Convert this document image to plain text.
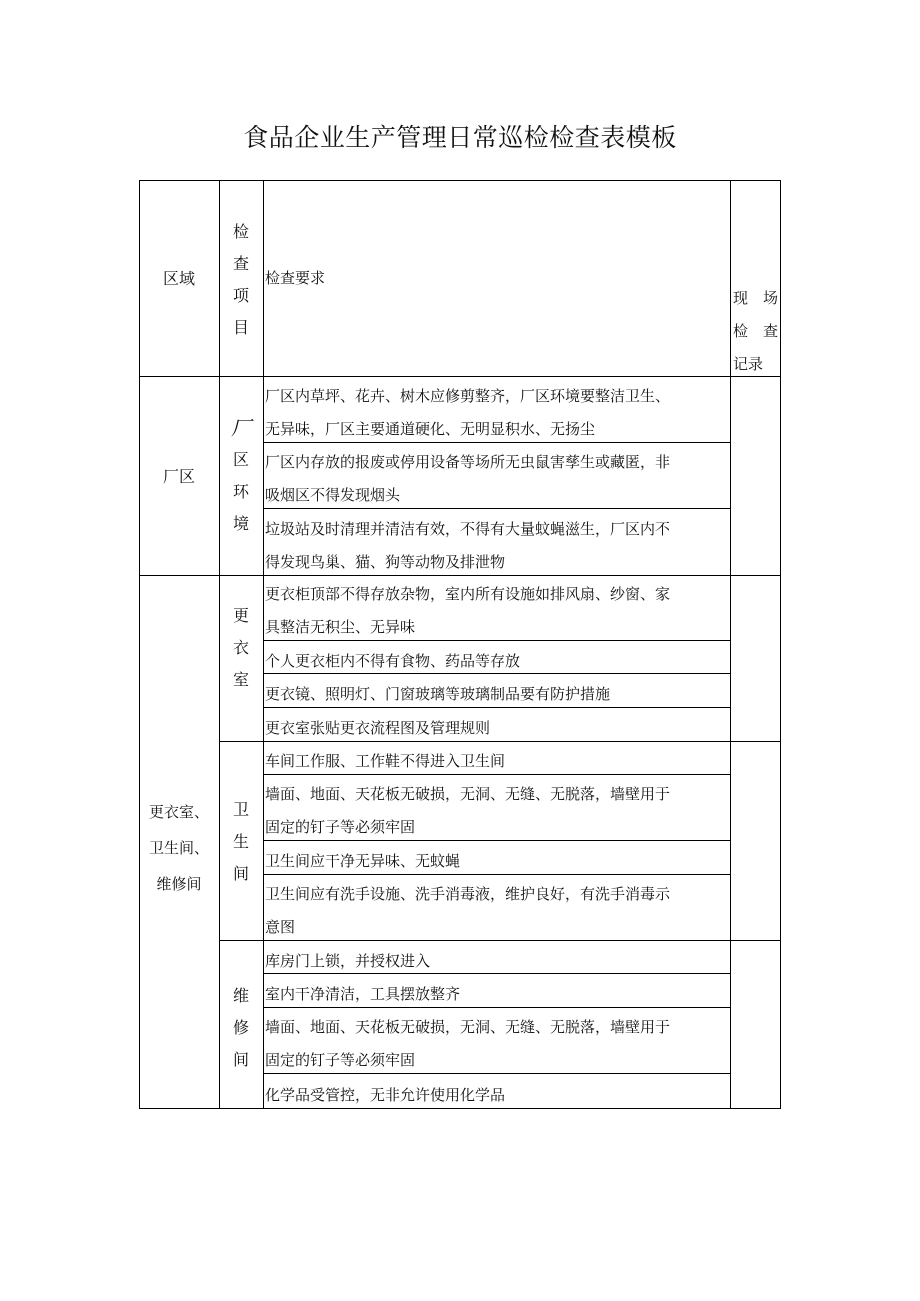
食品企业生产管理日常巡检检查表模板
区域
检
查
项
目
检查要求
现　场
检　查
记录
厂区
厂
区
环
境
厂区内草坪、花卉、树木应修剪整齐，厂区环境要整洁卫生、
无异味，厂区主要通道硬化、无明显积水、无扬尘
厂区内存放的报废或停用设备等场所无虫鼠害孳生或藏匿，非
吸烟区不得发现烟头
垃圾站及时清理并清洁有效，不得有大量蚊蝇滋生，厂区内不
得发现鸟巢、猫、狗等动物及排泄物
更衣室、
卫生间、
维修间
更
衣
室
更衣柜顶部不得存放杂物，室内所有设施如排风扇、纱窗、家
具整洁无积尘、无异味
个人更衣柜内不得有食物、药品等存放
更衣镜、照明灯、门窗玻璃等玻璃制品要有防护措施
更衣室张贴更衣流程图及管理规则
卫
生
间
车间工作服、工作鞋不得进入卫生间
墙面、地面、天花板无破损，无洞、无缝、无脱落，墙壁用于
固定的钉子等必须牢固
卫生间应干净无异味、无蚊蝇
卫生间应有洗手设施、洗手消毒液，维护良好，有洗手消毒示
意图
维
修
间
库房门上锁，并授权进入
室内干净清洁，工具摆放整齐
墙面、地面、天花板无破损，无洞、无缝、无脱落，墙壁用于
固定的钉子等必须牢固
化学品受管控，无非允许使用化学品
